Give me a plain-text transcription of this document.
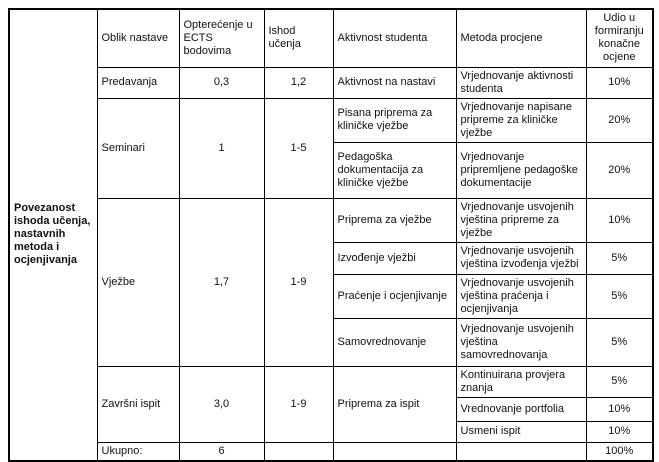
Povezanost ishoda učenja, nastavnih metoda i ocjenjivanja	Oblik nastave	Opterećenje u ECTS bodovima	Ishod učenja	Aktivnost studenta	Metoda procjene	Udio u formiranju konačne ocjene
	Predavanja	0,3	1,2	Aktivnost na nastavi	Vrjednovanje aktivnosti studenta	10%
	Seminari	1	1-5	Pisana priprema za kliničke vježbe	Vrjednovanje napisane pripreme za kliničke vježbe	20%
				Pedagoška dokumentacija za kliničke vježbe	Vrjednovanje pripremljene pedagoške dokumentacije	20%
	Vježbe	1,7	1-9	Priprema za vježbe	Vrjednovanje usvojenih vještina pripreme za vježbe	10%
				Izvođenje vježbi	Vrjednovanje usvojenih vještina izvođenja vježbi	5%
				Praćenje i ocjenjivanje	Vrjednovanje usvojenih vještina praćenja i ocjenjivanja	5%
				Samovrednovanje	Vrjednovanje usvojenih vještina samovrednovanja	5%
	Završni ispit	3,0	1-9	Priprema za ispit	Kontinuirana provjera znanja	5%
					Vrednovanje portfolia	10%
					Usmeni ispit	10%
	Ukupno:	6				100%
